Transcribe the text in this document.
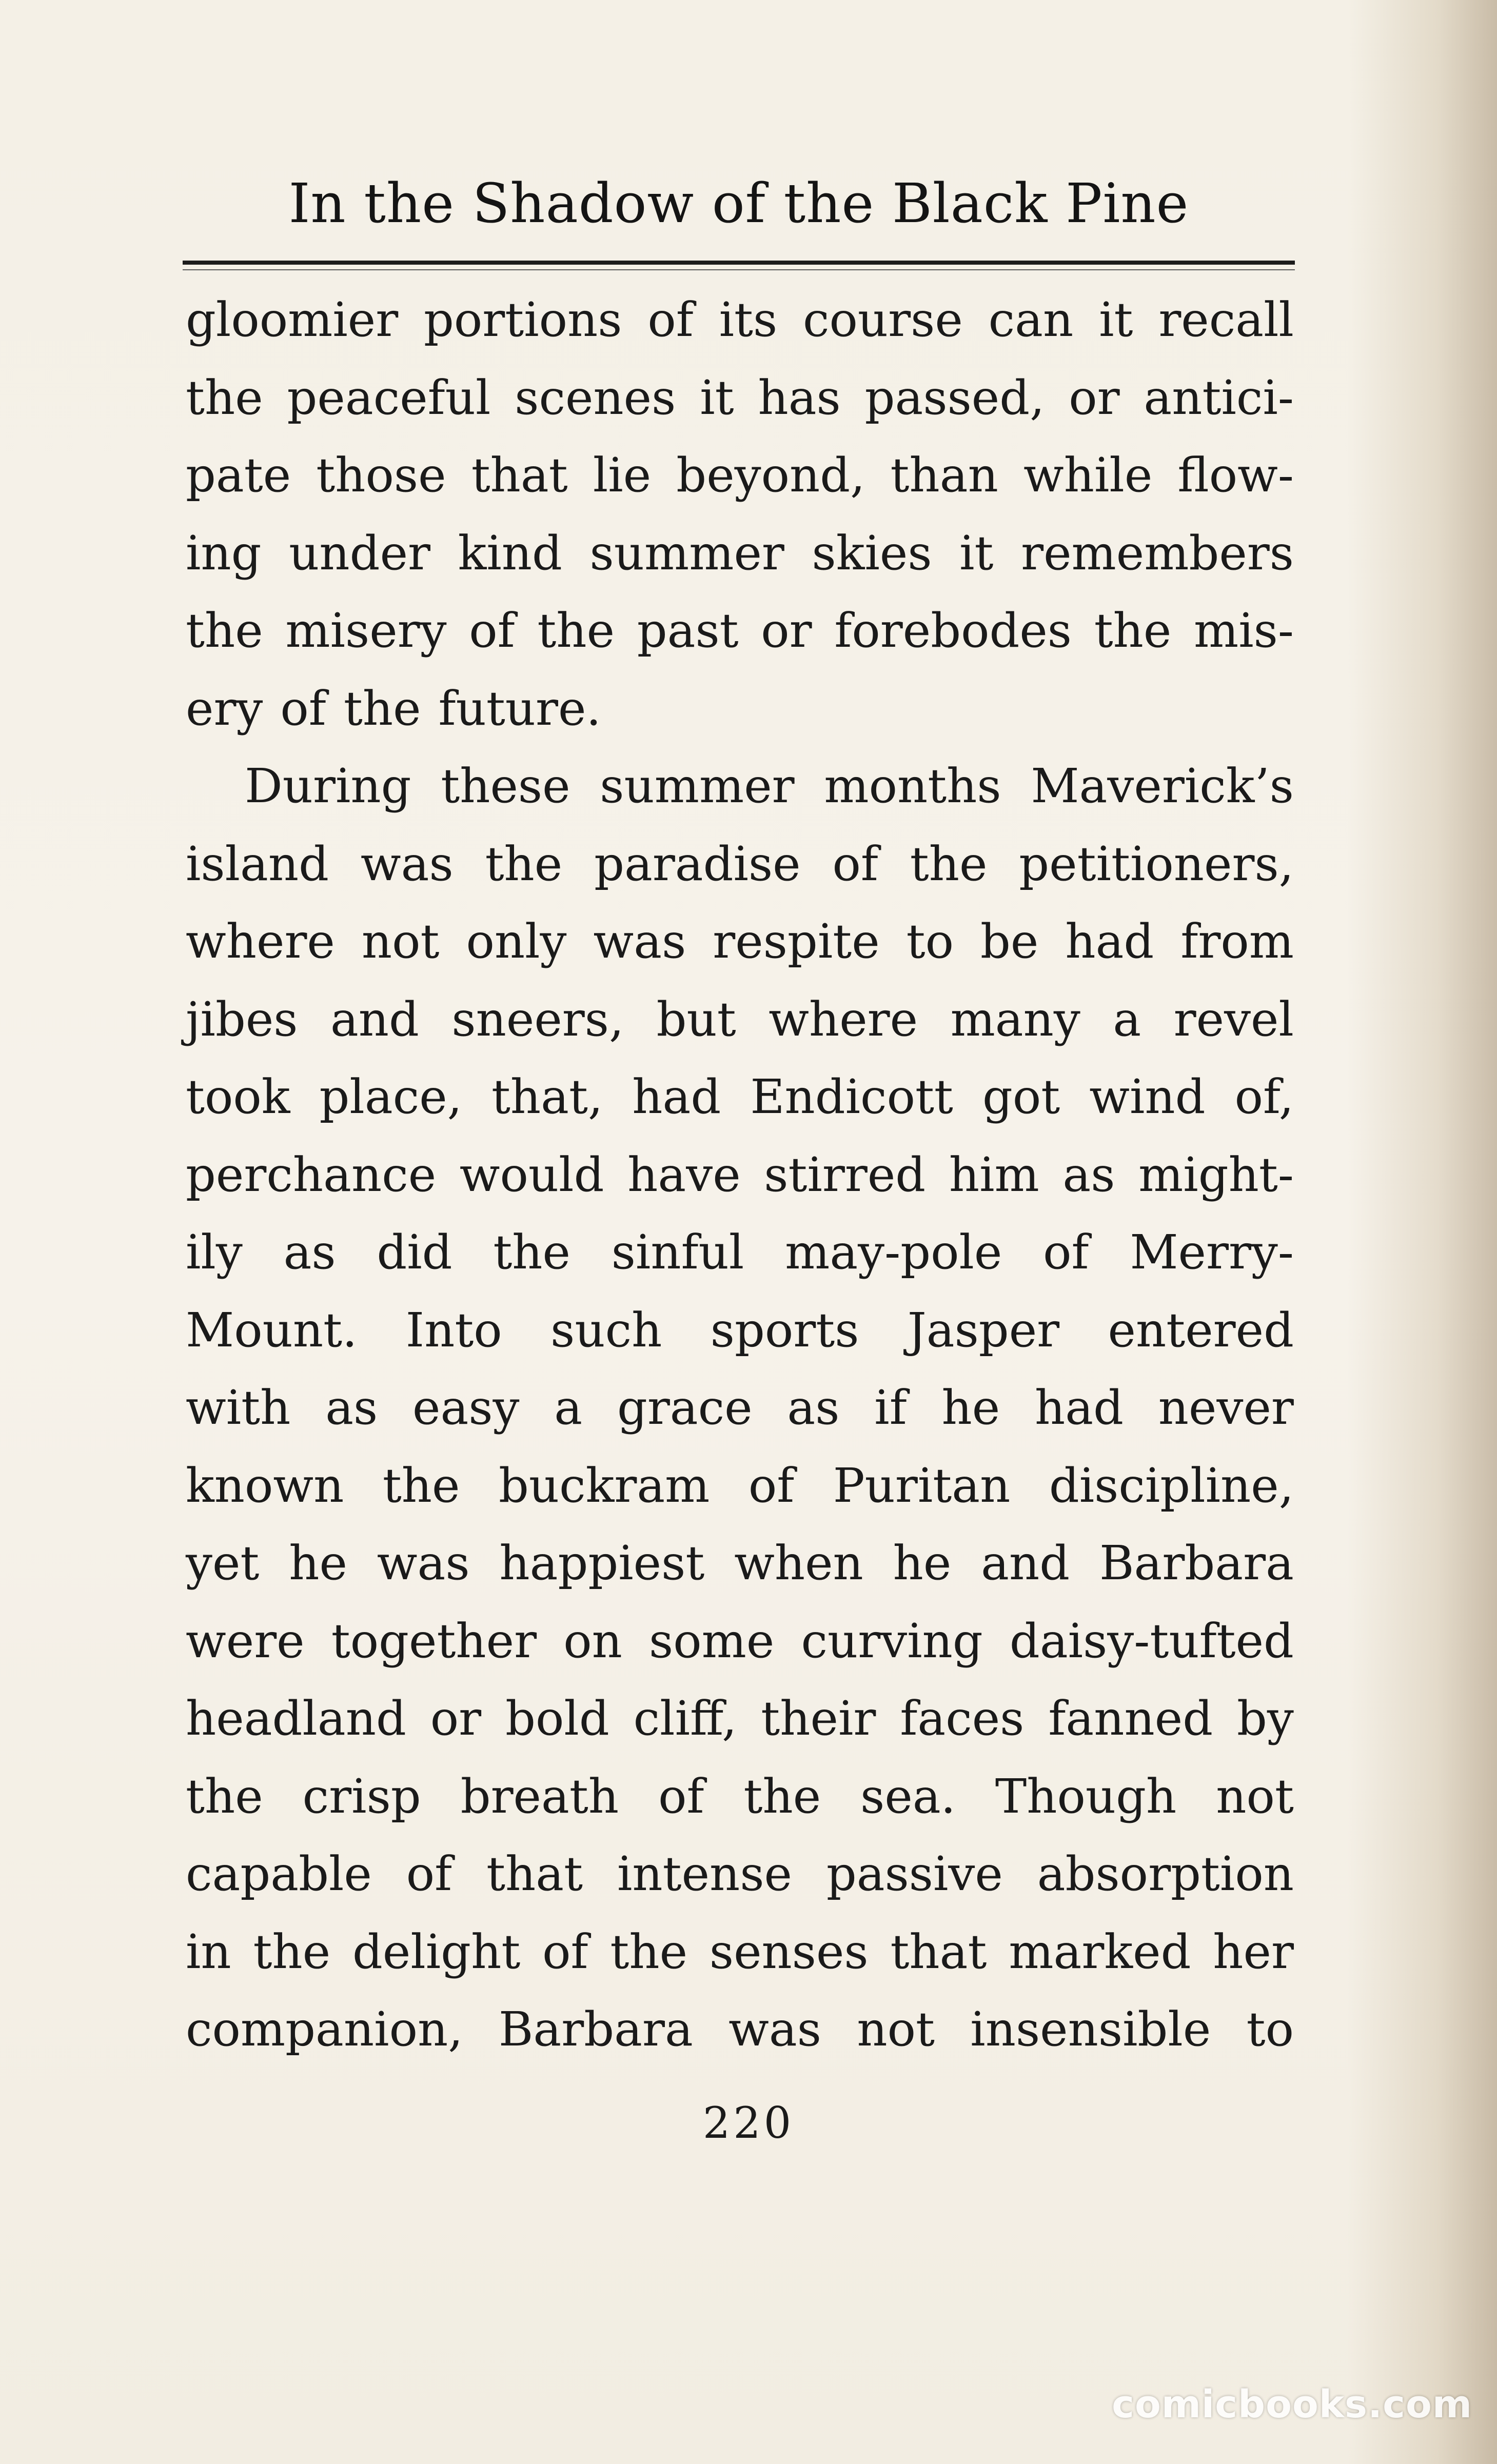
In the Shadow of the Black Pine
gloomier portions of its course can it recall
the peaceful scenes it has passed, or antici-
pate those that lie beyond, than while flow-
ing under kind summer skies it remembers
the misery of the past or forebodes the mis-
ery of the future.
During these summer months Maverick’s
island was the paradise of the petitioners,
where not only was respite to be had from
jibes and sneers, but where many a revel
took place, that, had Endicott got wind of,
perchance would have stirred him as might-
ily as did the sinful may-pole of Merry-
Mount. Into such sports Jasper entered
with as easy a grace as if he had never
known the buckram of Puritan discipline,
yet he was happiest when he and Barbara
were together on some curving daisy-tufted
headland or bold cliff, their faces fanned by
the crisp breath of the sea. Though not
capable of that intense passive absorption
in the delight of the senses that marked her
companion, Barbara was not insensible to
220
comicbooks.com
